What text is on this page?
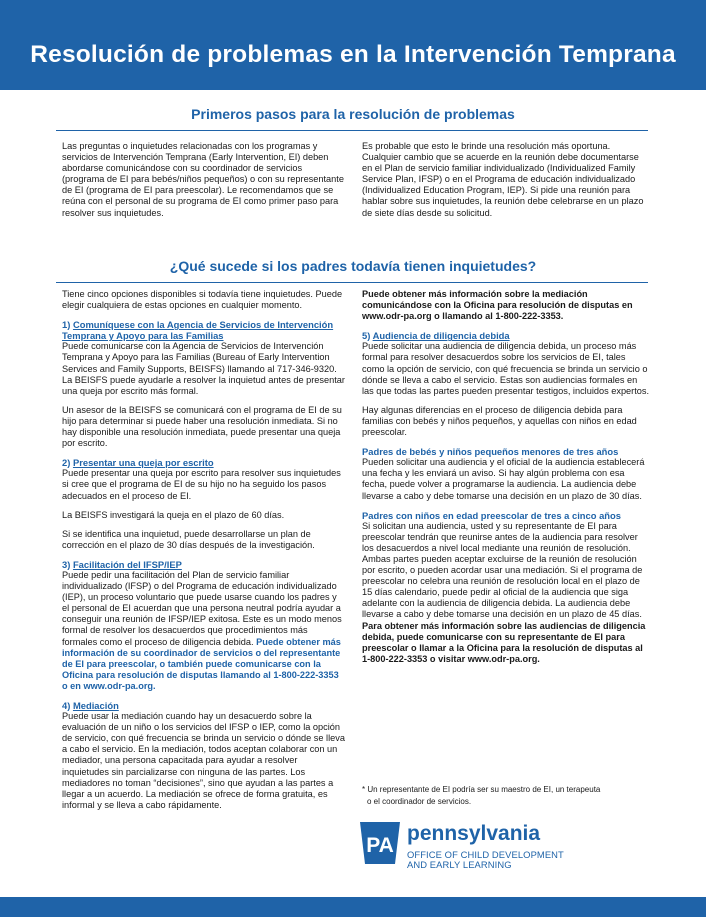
Resolución de problemas en la Intervención Temprana
Primeros pasos para la resolución de problemas

Las preguntas o inquietudes relacionadas con los programas y servicios de Intervención Temprana (Early Intervention, EI) deben abordarse comunicándose con su coordinador de servicios (programa de EI para bebés/niños pequeños) o con su representante de EI (programa de EI para preescolar). Le recomendamos que se reúna con el personal de su programa de EI como primer paso para resolver sus inquietudes.

Es probable que esto le brinde una resolución más oportuna. Cualquier cambio que se acuerde en la reunión debe documentarse en el Plan de servicio familiar individualizado (Individualized Family Service Plan, IFSP) o en el Programa de educación individualizado (Individualized Education Program, IEP). Si pide una reunión para hablar sobre sus inquietudes, la reunión debe celebrarse en un plazo de siete días desde su solicitud.

¿Qué sucede si los padres todavía tienen inquietudes?

Tiene cinco opciones disponibles si todavía tiene inquietudes. Puede elegir cualquiera de estas opciones en cualquier momento.

1) Comuníquese con la Agencia de Servicios de Intervención Temprana y Apoyo para las Familias

Puede comunicarse con la Agencia de Servicios de Intervención Temprana y Apoyo para las Familias (Bureau of Early Intervention Services and Family Supports, BEISFS) llamando al 717-346-9320. La BEISFS puede ayudarle a resolver la inquietud antes de presentar una queja por escrito más formal.

Un asesor de la BEISFS se comunicará con el programa de EI de su hijo para determinar si puede haber una resolución inmediata. Si no hay disponible una resolución inmediata, puede presentar una queja por escrito.

2) Presentar una queja por escrito

Puede presentar una queja por escrito para resolver sus inquietudes si cree que el programa de EI de su hijo no ha seguido los pasos adecuados en el proceso de EI.

La BEISFS investigará la queja en el plazo de 60 días.

Si se identifica una inquietud, puede desarrollarse un plan de corrección en el plazo de 30 días después de la investigación.

3) Facilitación del IFSP/IEP

Puede pedir una facilitación del Plan de servicio familiar individualizado (IFSP) o del Programa de educación individualizado (IEP), un proceso voluntario que puede usarse cuando los padres y el personal de EI acuerdan que una persona neutral podría ayudar a conseguir una reunión de IFSP/IEP exitosa. Este es un modo menos formal de resolver los desacuerdos que procedimientos más formales como el proceso de diligencia debida. Puede obtener más información de su coordinador de servicios o del representante de EI para preescolar, o también puede comunicarse con la Oficina para resolución de disputas llamando al 1-800-222-3353 o en www.odr-pa.org.

4) Mediación

Puede usar la mediación cuando hay un desacuerdo sobre la evaluación de un niño o los servicios del IFSP o IEP, como la opción de servicio, con qué frecuencia se brinda un servicio o dónde se lleva a cabo el servicio. En la mediación, todos aceptan colaborar con un mediador, una persona capacitada para ayudar a resolver inquietudes sin parcializarse con ninguna de las partes. Los mediadores no toman “decisiones”, sino que ayudan a las partes a llegar a un acuerdo. La mediación se ofrece de forma gratuita, es informal y se lleva a cabo rápidamente.

Puede obtener más información sobre la mediación comunicándose con la Oficina para resolución de disputas en www.odr-pa.org o llamando al 1-800-222-3353.

5) Audiencia de diligencia debida

Puede solicitar una audiencia de diligencia debida, un proceso más formal para resolver desacuerdos sobre los servicios de EI, tales como la opción de servicio, con qué frecuencia se brinda un servicio o dónde se lleva a cabo el servicio. Estas son audiencias formales en las que todas las partes pueden presentar testigos, incluidos expertos.

Hay algunas diferencias en el proceso de diligencia debida para familias con bebés y niños pequeños, y aquellas con niños en edad preescolar.

Padres de bebés y niños pequeños menores de tres años

Pueden solicitar una audiencia y el oficial de la audiencia establecerá una fecha y les enviará un aviso. Si hay algún problema con esa fecha, puede volver a programarse la audiencia. La audiencia debe llevarse a cabo y debe tomarse una decisión en un plazo de 30 días.

Padres con niños en edad preescolar de tres a cinco años

Si solicitan una audiencia, usted y su representante de EI para preescolar tendrán que reunirse antes de la audiencia para resolver los desacuerdos a nivel local mediante una reunión de resolución. Ambas partes pueden aceptar excluirse de la reunión de resolución por escrito, o pueden acordar usar una mediación. Si el programa de preescolar no celebra una reunión de resolución local en el plazo de 15 días calendario, puede pedir al oficial de la audiencia que siga adelante con la audiencia de diligencia debida. La audiencia debe llevarse a cabo y debe tomarse una decisión en un plazo de 45 días. Para obtener más información sobre las audiencias de diligencia debida, puede comunicarse con su representante de EI para preescolar o llamar a la Oficina para la resolución de disputas al 1-800-222-3353 o visitar www.odr-pa.org.

* Un representante de EI podría ser su maestro de EI, un terapeuta
o el coordinador de servicios.
PA
pennsylvania
OFFICE OF CHILD DEVELOPMENT
AND EARLY LEARNING
